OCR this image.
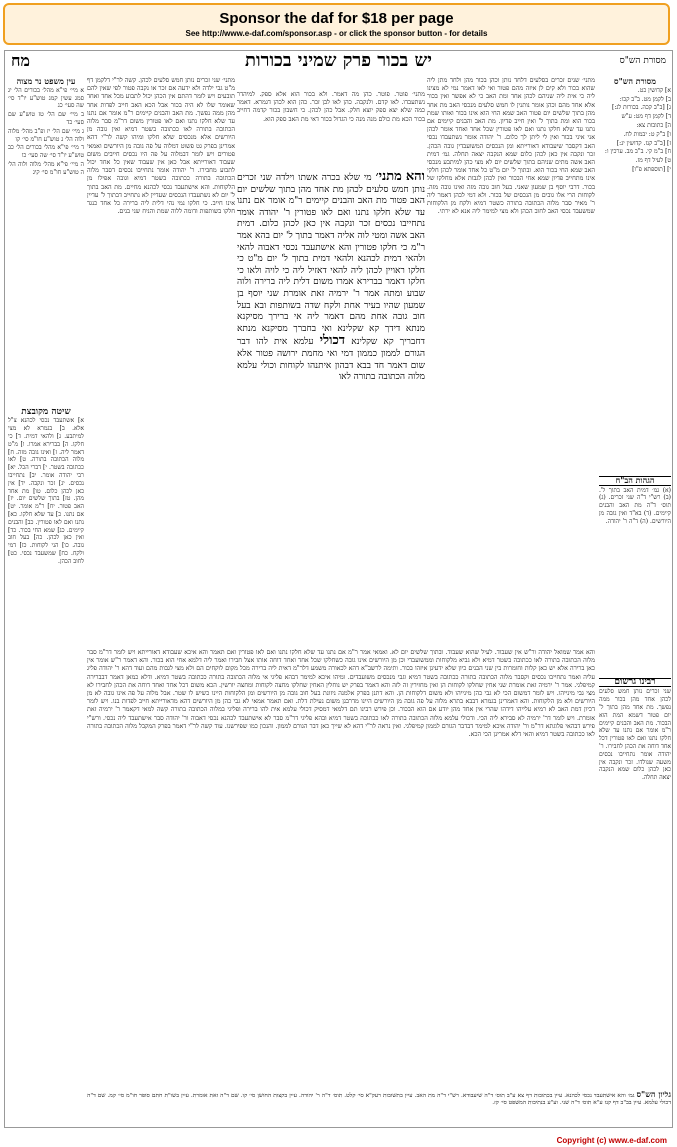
Sponsor the daf for $18 per page
See http://www.e-daf.com/sponsor.asp - or click the sponsor button - for details
מסורת הש"ס
יש בכור פרק שמיני בכורות
מח
מסורת הש"ס

א] קדושין כט.

ב] לקמן מט. ב"ב קכו:

ג] [ב"ב קכה. בכורות לג:]

ד] לקמן דף מט: ע"ש

ה] כתובות צא:

ו] ב"ק ט: יבמות לח.

ז] [ב"ב קנז. קדושין יג:]

ח] ב"מ קי. ב"ב מב. ערכין ו:

ט] לעיל דף מז.

י] [תוספתא פ"ו]

הגהות הב"ח

(א) גמ׳ דמית האב בתוך ל'. (ב) רש"י ד"ה שני זכרים. (ג) תוס׳ ד"ה מת האב והבנים קיימים. (ד) בא"ד ואין גובה מן היורשים. (ה) ד"ה ר' יהודה.

רבינו גרשום

שני זכרים נותן חמש סלעים לכהן אחד מהן בכור ממה נפשך. מת אחד מהן בתוך ל' יום פטור דשמא המת הוא הבכור. מת האב והבנים קיימים ר"מ אומר אם נתנו עד שלא חלקו נתנו ואם לאו פטורין דכל אחד דוחה את הכהן לחבירו. ר' יהודה אומר נתחייבו נכסים משעה שנולדו. זכר ונקבה אין כאן לכהן כלום שמא הנקבה יצאה תחלה.

מתני׳ שנים זכרים בסלעים דלחד נותן וכהן בכור מהן ולחד מתן ליה שהוא בכור ולא קים לן איזה מהם פטור ואי לאו דאמר נמי לא מצינו ליה כי אית ליה שניהם לכהן אחד ומת האב כי לא אפשר ואין בכור אלא אחד מהם וכהן אומר נותנין לו חמש סלעים מנכסי האב מת אחד מהן בתוך שלשים יום פטור האב שמא החי הוא אינו בכור ואותו שמת בכור הוא ומת בתוך ל' ואין חייב פדיון. מת האב והבנים קיימים אם נתנו עד שלא חלקו נתנו ואם לאו פטורין שכל אחד ואחד אומר לכהן אני איני בכור ואין לי ליתן לך כלום. ר' יהודה אומר נשתעבדו נכסי האב דקסבר שיעבודא דאורייתא ומן הנכסים המשועבדין גובה הכהן. זכר ונקבה אין כאן לכהן כלום שמא הנקבה יצאה תחלה. גמ׳ דמית האב אשה מתים שניהם בתוך שלשים יום לא מצי כהן למיתבע מנכסי האב שמא החי בכור הוא. ובתוך ל' יום מ"ט כל אחד אומר לכהן חלקי אינו מתחייב פדיון שמא אחי הבכור ואין לכהן לגבות אלא מחלקו של בכור. דרבי יוסף בן שמעון שאני. בעל חוב גובה מזה ואינו גובה מזה. לקוחות הרי אלו גובים מן הנכסים של בכור. ולא דמי לכהן דאמר ליה ר' מאיר סבר מלוה הכתובה בתורה כשטר דמיא ולקח מן הלקוחות שמשעבד נכסי האב לחוב הכהן ולא מצי למימר ליה אנא לא ירתי.

מתני׳ פוטר. פוטר. כהן מה דאמר. ולא בכור הוא אלא ספק. למיהדר נשתעבדו. לאו קדם. ולנקבה. כהן לאו לבן זכר. כהן הוא לכהן דגמרא. דאמר כמה שלא יצא ספק יוצא חלק. אבל כהן לכהן. כי חשבון בכור קדמה דחייב בכור הכא מת כולם מנה מנה כי הגדול בכור דאי מת האב ספק הוא.

והא מתני׳ מי שלא בכרה אשתו וילדה שני זכרים נותן חמש סלעים לכהן מת אחד מהן בתוך שלשים יום האב פטור מת האב והבנים קיימים ר"מ אומר אם נתנו עד שלא חלקו נתנו ואם לאו פטורין ר' יהודה אומר נתחייבו נכסים זכר ונקבה אין כאן לכהן כלום. דמית האב אשה ומטי לוה אליה דאמר בתוך ל' יום בהא אמר ר"מ כי חלקו פטורין והא אישתעבד נכסי דאבוה להאי ולהאי דמית לכהנא ולהאי דמית בתוך ל' יום מ"ט כי חלקו ראויין לכהן ליה להאי דאזיל ליה כי לויה ולאו כי חלקו דאמר בברירא אמרו משום דלית ליה ברירה ולוה שבוע ומתה אמר ר' ירמיה זאת אומרת שני יוסף בן שמעון שהיו בעיר אחת ולקח שדה בשותפות ובא בעל חוב גובה אחת מהם דאמר ליה אי ברירך מסיקנא מנתא דידך קא שקלינא ואי בחברך מסיקנא מנתא דחבריך קא שקלינא דכולי עלמא אית להו דבר הגורם לממון כממון דמי ואי מחמת ירושה פטור אלא שום דאמר חד בבא דבהון איתנהו לקוחות וכולי עלמא מלוה הכתובה בתורה לאו

מתני׳ שני זכרים נותן חמש סלעים לכהן. קשה לר"י דלקמן דף מ"ט גבי ילדה ולא ידעה אם זכר או נקבה פטור לפי שאין להם תובעים ויש לומר דהתם אין הכהן יכול לתבוע מכל אחד ואחד שאומר שלו לא היה בכור אבל הכא האב חייב לפדות אחד מהן ממה נפשך. מת האב והבנים קיימים ר"מ אומר אם נתנו עד שלא חלקו נתנו ואם לאו פטורין משום דר"מ סבר מלוה הכתובה בתורה לאו ככתובה בשטר דמיא ואין גובה מן היורשים אלא מנכסים שלא חלקו ומיהו קשה לר"י דהא אמרינן בפרק גט פשוט דמלוה על פה גובה מן היורשים ואמאי פטורים ויש לומר דבמלוה על פה היו נכסים חייבים משום שעבוד דאורייתא אבל כאן אין שעבוד שאין כל אחד יכול לתבוע מחבירו. ר' יהודה אומר נתחייבו נכסים דסבר מלוה הכתובה בתורה ככתובה בשטר דמיא וגובה אפילו מן הלקוחות. והא אישתעבד נכסי לכהנא מחיים. מת האב בתוך ל' יום לא נשתעבדו הנכסים שעדיין לא נתחייב דבתוך ל' עדיין אינו חייב. כי חלקו נמי נהי דלית ליה ברירה כל אחד כנגד חלקו בשותפות ודומה ללוה שמת והניח שני בנים.

והא אמר שמואל יהודה ור"ש אין שעבוד. לעיל שהוא שעבוד. ובתוך שלשים יום לא. ואמאי אמר ר"מ אם נתנו עד שלא חלקו נתנו ואם לאו פטורין ואם תאמר והא איכא שעבודא דאורייתא ויש לומר דר"מ סבר מלוה הכתובה בתורה לאו ככתובה בשטר דמיא ולא גביא מלקוחות וממשועבדי וכן מן היורשים אינו גובה כשחלקו שכל אחד ואחד דוחה אותו אצל חבירו ואמר ליה דלמא אחי הוא בכור. והא דאמר ר"ש אומר אין כאן ברירה אלא יש כאן קלות וחומרות בין שני הבנים כיון שלא ידעינן איזהו בכור. ותימה לרשב"א דהא לכאורה משמע דלר"מ דאית ליה ברירה מכל מקום לוקחים הם ולא מצי לגבות מהם ועוד דהא ר' יהודה פליג עליה ואמר נתחייבו נכסים וקסבר מלוה הכתובה בתורה ככתובה בשטר דמיא וגבי מנכסים משועבדים. ומיהו איכא למימר דבהא פליגי אי מלוה הכתובה בתורה ככתובה בשטר דמיא. ודלא כמאן דאמר דבברירה קמיפלגי. אמר ר' ירמיה זאת אומרת שני אחין שחלקו לקוחות הן ואין מחזירין זה לזה והא דאמר בפרק יש נוחלין האחין שחלקו מחצה לקוחות ומחצה יורשין. הכא משום דכל אחד ואחד דוחה את הכהן לחבירו לא מצי גבי מינייהו. ויש לומר דמשום הכי לא גבי כהן מינייהו ולא משום דלקוחות הן. והא דתנן בפרק אלמנה ניזונת בעל חוב גובה מן היורשים ומן הלקוחות היינו כשיש לו שטר. אבל מלוה על פה אינו גובה לא מן היורשים ולא מן הלקוחות. והא דאמרינן בגמרא דבבא בתרא מלוה על פה גובה מן היורשים היינו מדרבנן משום נעילת דלת. ואם תאמר אמאי לא גבי כהן מן היורשים דהא מדאורייתא חייב לפדות בנו. ויש לומר דכיון דמת האב לא רמיא עלייהו דידהו שהרי אין אחד מהן יודע אם הוא הבכור. וכן פירש רבינו תם דלמאי דמסיק דכולי עלמא אית להו ברירה ופליגי במלוה הכתובה בתורה קשה למאי דקאמר ר' ירמיה זאת אומרת. ויש לומר דר' ירמיה לא סבירא ליה הכי. ודכולי עלמא מלוה הכתובה בתורה לאו ככתובה בשטר דמיא ובהא פליגי דר"מ סבר לא אישתעבד לכהנא נכסי דאבוה ור' יהודה סבר אישתעבד ליה נכסי. ורש"י פירש דבהאי פלוגתא דר"מ ור' יהודה איכא למימר דבדבר הגורם לממון קמיפלגי. ואין נראה לר"י דהא לא שייך כאן דבר הגורם לממון. והנכון כמו שפירשנו. עוד קשה לר"י דאמר בפרק המקבל מלוה הכתובה בתורה לאו ככתובה בשטר דמיא והאי דלא אמרינן הכי הכא.

עין משפט נר מצוה

א מיי׳ פי"א מהל׳ בכורים הל׳ יג סמג עשין קמג טוש"ע יו"ד סי׳ שה סעי׳ כג

ב מיי׳ שם הל׳ טז טוש"ע שם סעי׳ כד

ג מיי׳ שם הל׳ יז ופ"ב מהל׳ מלוה ולוה הל׳ ג טוש"ע חו"מ סי׳ קו

ד מיי׳ פי"א מהל׳ בכורים הל׳ כב טוש"ע יו"ד סי׳ שה סעי׳ כו

ה מיי׳ פי"א מהל׳ מלוה ולוה הל׳ ה טוש"ע חו"מ סי׳ קיג

שיטה מקובצת

א] אשתעבד נכסי לכהנא צ"ל אלא. ב] בגמרא לא מצי למיתבע. ג] ולהאי דמית. ד] כי חלקו. ה] בברירא אמרו. ו] מ"ט דאמר ליה. ז] ואינו גובה מזה. ח] מלוה הכתובה בתורה. ט] לאו ככתובה בשטר. י] דברי הכל. יא] רבי יהודה אומר. יב] נתחייבו נכסים. יג] זכר ונקבה. יד] אין כאן לכהן כלום. טו] מת אחד מהן. טז] בתוך שלשים יום. יז] האב פטור. יח] ר"מ אומר. יט] אם נתנו. כ] עד שלא חלקו. כא] נתנו ואם לאו פטורין. כב] והבנים קיימים. כג] שמא החי בכור. כד] ואין כאן לכהן. כה] בעל חוב גובה. כו] הני לקוחות. כז] דמי ולקח. כח] שמשעבד נכסי. כט] לחוב הכהן.

גליון הש"ס גמ׳ והא אישתעבד נכסי לכהנא. עיין בכתובות דף צא ע"ב תוס׳ ד"ה שיעבודא. רש"י ד"ה מת האב. עיין בתשובות רעק"א סי׳ קלט. תוס׳ ד"ה ר' יהודה. עיין בקצות החושן סי׳ קו. שם ד"ה זאת אומרת. עיין בשו"ת חתם סופר חו"מ סי׳ קמ. שם ד"ה דכולי עלמא. עיין בב"ב דף קנז ע"א תוס׳ ד"ה שני. וע"ע בנתיבות המשפט סי׳ קז.
Copyright (c) www.e-daf.com
